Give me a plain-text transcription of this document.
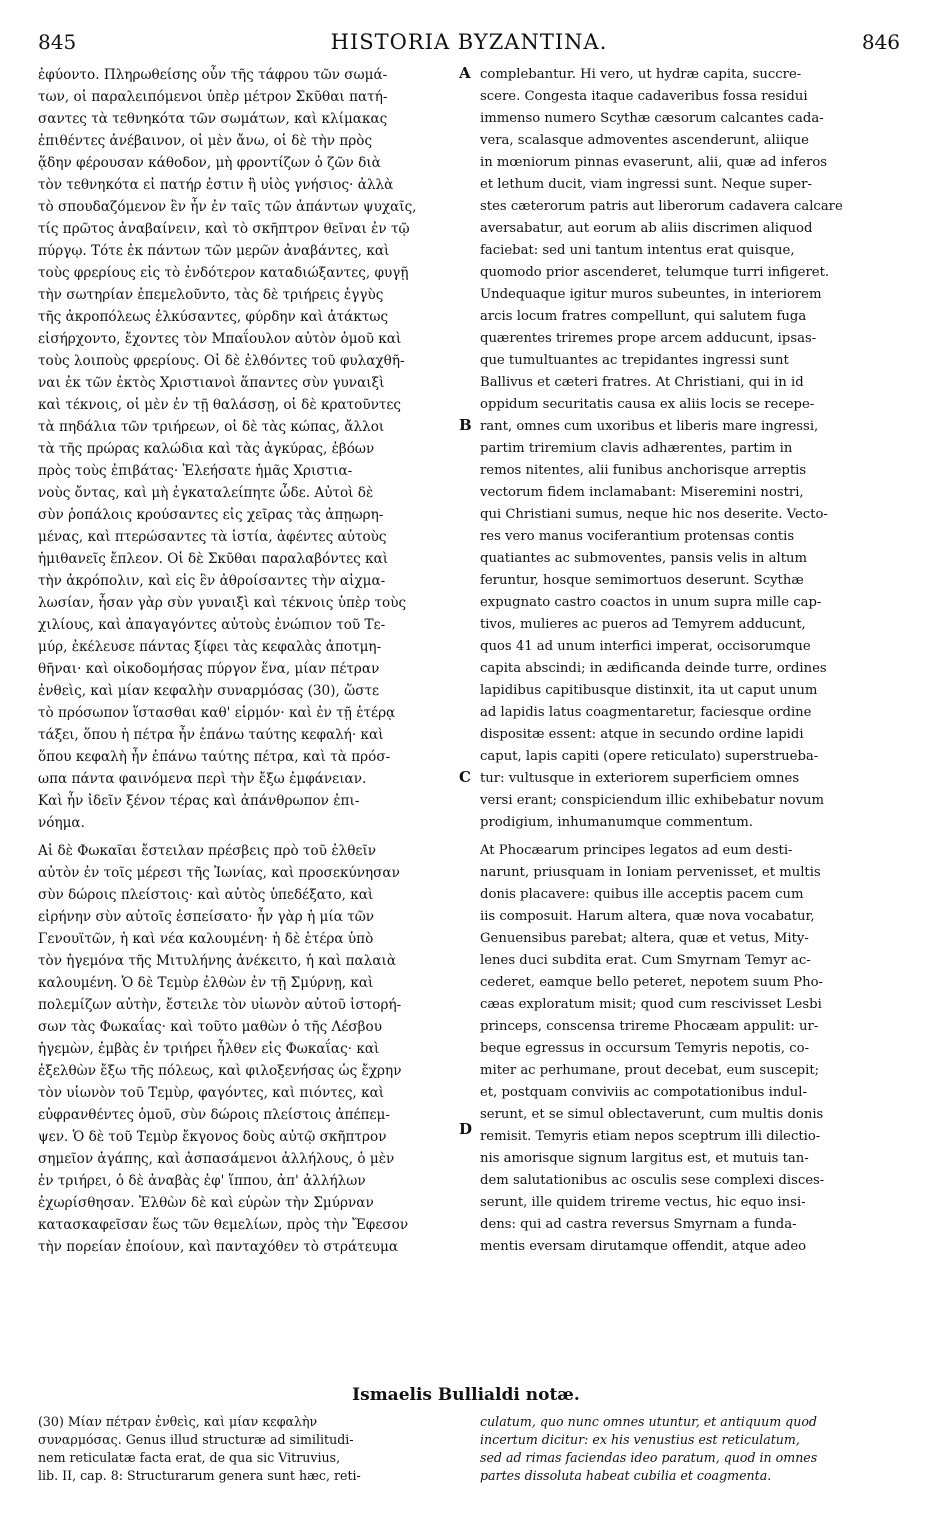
845	HISTORIA BYZANTINA.	846
A
B
C
D
ἐφύοντο. Πληρωθείσης οὖν τῆς τάφρου τῶν σωμά-
των, οἱ παραλειπόμενοι ὑπὲρ μέτρον Σκῦθαι πατή-
σαντες τὰ τεθνηκότα τῶν σωμάτων, καὶ κλίμακας
ἐπιθέντες ἀνέβαινον, οἱ μὲν ἄνω, οἱ δὲ τὴν πρὸς
ᾅδην φέρουσαν κάθοδον, μὴ φροντίζων ὁ ζῶν διὰ
τὸν τεθνηκότα εἰ πατήρ ἐστιν ἢ υἱὸς γνήσιος· ἀλλὰ
τὸ σπουδαζόμενον ἓν ἦν ἐν ταῖς τῶν ἁπάντων ψυχαῖς,
τίς πρῶτος ἀναβαίνειν, καὶ τὸ σκῆπτρον θεῖναι ἐν τῷ
πύργῳ. Τότε ἐκ πάντων τῶν μερῶν ἀναβάντες, καὶ
τοὺς φρερίους εἰς τὸ ἐνδότερον καταδιώξαντες, φυγῇ
τὴν σωτηρίαν ἐπεμελοῦντο, τὰς δὲ τριήρεις ἐγγὺς
τῆς ἀκροπόλεως ἑλκύσαντες, φύρδην καὶ ἀτάκτως
εἰσήρχοντο, ἔχοντες τὸν Μπαΐουλον αὐτὸν ὁμοῦ καὶ
τοὺς λοιποὺς φρερίους. Οἱ δὲ ἐλθόντες τοῦ φυλαχθῆ-
ναι ἐκ τῶν ἐκτὸς Χριστιανοὶ ἅπαντες σὺν γυναιξὶ
καὶ τέκνοις, οἱ μὲν ἐν τῇ θαλάσσῃ, οἱ δὲ κρατοῦντες
τὰ πηδάλια τῶν τριήρεων, οἱ δὲ τὰς κώπας, ἄλλοι
τὰ τῆς πρώρας καλώδια καὶ τὰς ἀγκύρας, ἐβόων
πρὸς τοὺς ἐπιβάτας· Ἐλεήσατε ἡμᾶς Χριστια-
νοὺς ὄντας, καὶ μὴ ἐγκαταλείπητε ὧδε. Αὐτοὶ δὲ
σὺν ῥοπάλοις κρούσαντες εἰς χεῖρας τὰς ἀπῃωρη-
μένας, καὶ πτερώσαντες τὰ ἱστία, ἀφέντες αὐτοὺς
ἡμιθανεῖς ἔπλεον. Οἱ δὲ Σκῦθαι παραλαβόντες καὶ
τὴν ἀκρόπολιν, καὶ εἰς ἓν ἀθροίσαντες τὴν αἰχμα-
λωσίαν, ἦσαν γὰρ σὺν γυναιξὶ καὶ τέκνοις ὑπὲρ τοὺς
χιλίους, καὶ ἀπαγαγόντες αὐτοὺς ἐνώπιον τοῦ Τε-
μύρ, ἐκέλευσε πάντας ξίφει τὰς κεφαλὰς ἀποτμη-
θῆναι· καὶ οἰκοδομήσας πύργον ἕνα, μίαν πέτραν
ἐνθεὶς, καὶ μίαν κεφαλὴν συναρμόσας (30), ὥστε
τὸ πρόσωπον ἵστασθαι καθ' εἱρμόν· καὶ ἐν τῇ ἑτέρᾳ
τάξει, ὅπου ἡ πέτρα ἦν ἐπάνω ταύτης κεφαλή· καὶ
ὅπου κεφαλὴ ἦν ἐπάνω ταύτης πέτρα, καὶ τὰ πρόσ-
ωπα πάντα φαινόμενα περὶ τὴν ἔξω ἐμφάνειαν.
Καὶ ἦν ἰδεῖν ξένον τέρας καὶ ἀπάνθρωπον ἐπι-
νόημα.
Αἱ δὲ Φωκαῖαι ἔστειλαν πρέσβεις πρὸ τοῦ ἐλθεῖν
αὐτὸν ἐν τοῖς μέρεσι τῆς Ἰωνίας, καὶ προσεκύνησαν
σὺν δώροις πλείστοις· καὶ αὐτὸς ὑπεδέξατο, καὶ
εἰρήνην σὺν αὐτοῖς ἐσπείσατο· ἦν γὰρ ἡ μία τῶν
Γενουϊτῶν, ἡ καὶ νέα καλουμένη· ἡ δὲ ἑτέρα ὑπὸ
τὸν ἡγεμόνα τῆς Μιτυλήνης ἀνέκειτο, ἡ καὶ παλαιὰ
καλουμένη. Ὁ δὲ Τεμὺρ ἐλθὼν ἐν τῇ Σμύρνῃ, καὶ
πολεμίζων αὐτὴν, ἔστειλε τὸν υἱωνὸν αὐτοῦ ἱστορή-
σων τὰς Φωκαΐας· καὶ τοῦτο μαθὼν ὁ τῆς Λέσβου
ἡγεμὼν, ἐμβὰς ἐν τριήρει ἦλθεν εἰς Φωκαΐας· καὶ
ἐξελθὼν ἔξω τῆς πόλεως, καὶ φιλοξενήσας ὡς ἔχρην
τὸν υἱωνὸν τοῦ Τεμὺρ, φαγόντες, καὶ πιόντες, καὶ
εὐφρανθέντες ὁμοῦ, σὺν δώροις πλείστοις ἀπέπεμ-
ψεν. Ὁ δὲ τοῦ Τεμὺρ ἔκγονος δοὺς αὐτῷ σκῆπτρον
σημεῖον ἀγάπης, καὶ ἀσπασάμενοι ἀλλήλους, ὁ μὲν
ἐν τριήρει, ὁ δὲ ἀναβὰς ἐφ' ἵππου, ἀπ' ἀλλήλων
ἐχωρίσθησαν. Ἐλθὼν δὲ καὶ εὑρὼν τὴν Σμύρναν
κατασκαφεῖσαν ἕως τῶν θεμελίων, πρὸς τὴν Ἔφεσον
τὴν πορείαν ἐποίουν, καὶ πανταχόθεν τὸ στράτευμα
complebantur. Hi vero, ut hydræ capita, succre-
scere. Congesta itaque cadaveribus fossa residui
immenso numero Scythæ cæsorum calcantes cada-
vera, scalasque admoventes ascenderunt, aliique
in mœniorum pinnas evaserunt, alii, quæ ad inferos
et lethum ducit, viam ingressi sunt. Neque super-
stes cæterorum patris aut liberorum cadavera calcare
aversabatur, aut eorum ab aliis discrimen aliquod
faciebat: sed uni tantum intentus erat quisque,
quomodo prior ascenderet, telumque turri infigeret.
Undequaque igitur muros subeuntes, in interiorem
arcis locum fratres compellunt, qui salutem fuga
quærentes triremes prope arcem adducunt, ipsas-
que tumultuantes ac trepidantes ingressi sunt
Ballivus et cæteri fratres. At Christiani, qui in id
oppidum securitatis causa ex aliis locis se recepe-
rant, omnes cum uxoribus et liberis mare ingressi,
partim triremium clavis adhærentes, partim in
remos nitentes, alii funibus anchorisque arreptis
vectorum fidem inclamabant: Miseremini nostri,
qui Christiani sumus, neque hic nos deserite. Vecto-
res vero manus vociferantium protensas contis
quatiantes ac submoventes, pansis velis in altum
feruntur, hosque semimortuos deserunt. Scythæ
expugnato castro coactos in unum supra mille cap-
tivos, mulieres ac pueros ad Temyrem adducunt,
quos 41 ad unum interfici imperat, occisorumque
capita abscindi; in ædificanda deinde turre, ordines
lapidibus capitibusque distinxit, ita ut caput unum
ad lapidis latus coagmentaretur, faciesque ordine
dispositæ essent: atque in secundo ordine lapidi
caput, lapis capiti (opere reticulato) superstrueba-
tur: vultusque in exteriorem superficiem omnes
versi erant; conspiciendum illic exhibebatur novum
prodigium, inhumanumque commentum.
At Phocæarum principes legatos ad eum desti-
narunt, priusquam in Ioniam pervenisset, et multis
donis placavere: quibus ille acceptis pacem cum
iis composuit. Harum altera, quæ nova vocabatur,
Genuensibus parebat; altera, quæ et vetus, Mity-
lenes duci subdita erat. Cum Smyrnam Temyr ac-
cederet, eamque bello peteret, nepotem suum Pho-
cæas exploratum misit; quod cum rescivisset Lesbi
princeps, conscensa trireme Phocæam appulit: ur-
beque egressus in occursum Temyris nepotis, co-
miter ac perhumane, prout decebat, eum suscepit;
et, postquam conviviis ac compotationibus indul-
serunt, et se simul oblectaverunt, cum multis donis
remisit. Temyris etiam nepos sceptrum illi dilectio-
nis amorisque signum largitus est, et mutuis tan-
dem salutationibus ac osculis sese complexi disces-
serunt, ille quidem trireme vectus, hic equo insi-
dens: qui ad castra reversus Smyrnam a funda-
mentis eversam dirutamque offendit, atque adeo
Ismaelis Bullialdi notæ.
(30) Μίαν πέτραν ἐνθεὶς, καὶ μίαν κεφαλὴν
συναρμόσας. Genus illud structuræ ad similitudi-
nem reticulatæ facta erat, de qua sic Vitruvius,
lib. II, cap. 8: Structurarum genera sunt hæc, reti-
culatum, quo nunc omnes utuntur, et antiquum quod
incertum dicitur: ex his venustius est reticulatum,
sed ad rimas faciendas ideo paratum, quod in omnes
partes dissoluta habeat cubilia et coagmenta.
